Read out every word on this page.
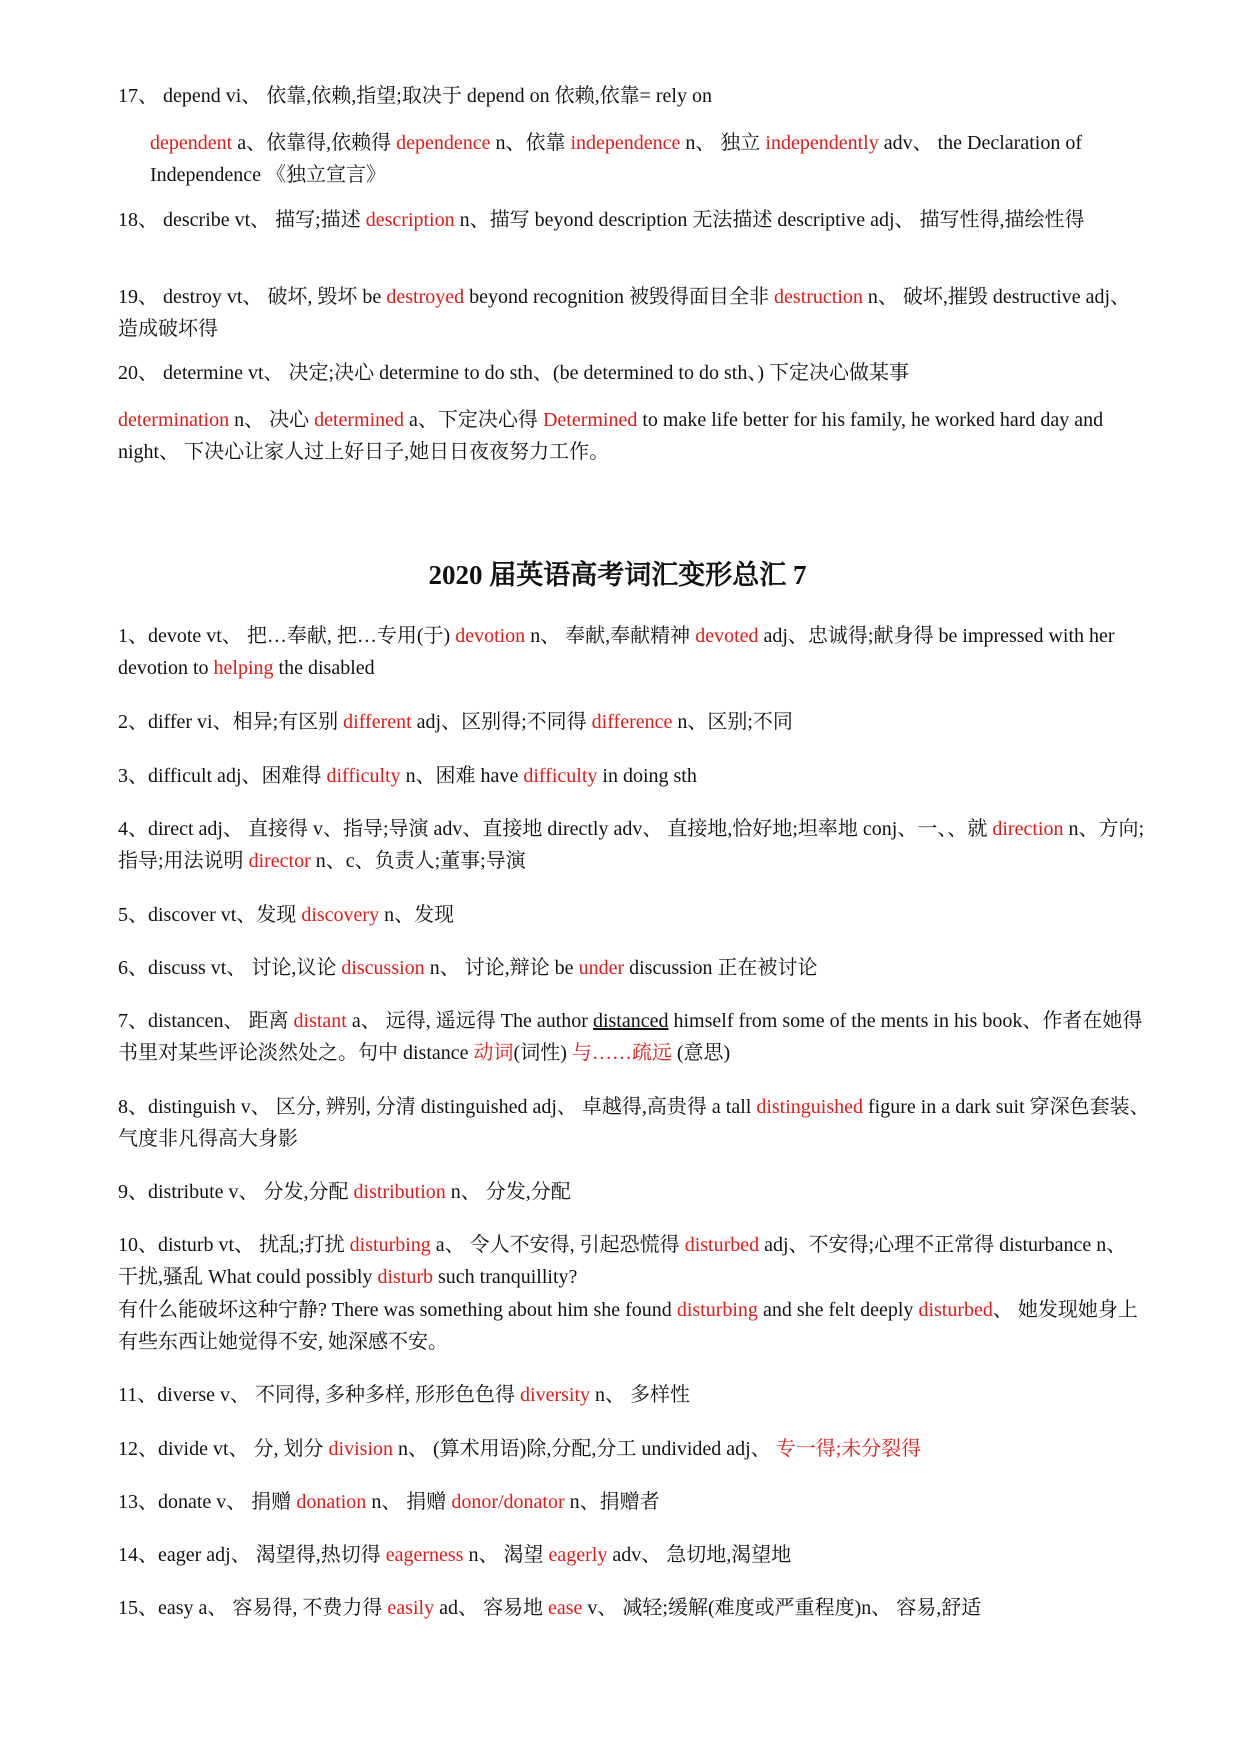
17、 depend vi、 依靠,依赖,指望;取决于 depend on 依赖,依靠= rely on
dependent a、依靠得,依赖得 dependence n、依靠 independence n、 独立 independently adv、 the Declaration of Independence 《独立宣言》
18、 describe vt、 描写;描述 description n、描写 beyond description 无法描述 descriptive adj、 描写性得,描绘性得
19、 destroy vt、 破坏, 毁坏 be destroyed beyond recognition 被毁得面目全非 destruction n、 破坏,摧毁 destructive adj、 造成破坏得
20、 determine vt、 决定;决心 determine to do sth、(be determined to do sth、) 下定决心做某事
determination n、 决心 determined a、下定决心得 Determined to make life better for his family, he worked hard day and night、 下决心让家人过上好日子,她日日夜夜努力工作。
2020 届英语高考词汇变形总汇 7
1、devote vt、 把…奉献, 把…专用(于) devotion n、 奉献,奉献精神 devoted adj、忠诚得;献身得 be impressed with her devotion to helping the disabled
2、differ vi、相异;有区别 different adj、区别得;不同得 difference n、区别;不同
3、difficult adj、困难得 difficulty n、困难 have difficulty in doing sth
4、direct adj、 直接得 v、指导;导演 adv、直接地 directly adv、 直接地,恰好地;坦率地 conj、一、、就 direction n、方向;指导;用法说明 director n、c、负责人;董事;导演
5、discover vt、发现 discovery n、发现
6、discuss vt、 讨论,议论 discussion n、 讨论,辩论 be under discussion 正在被讨论
7、distancen、 距离 distant a、 远得, 遥远得 The author distanced himself from some of the ments in his book、作者在她得书里对某些评论淡然处之。句中 distance 动词(词性) 与……疏远 (意思)
8、distinguish v、 区分, 辨别, 分清 distinguished adj、 卓越得,高贵得 a tall distinguished figure in a dark suit 穿深色套装、气度非凡得高大身影
9、distribute v、 分发,分配 distribution n、 分发,分配
10、disturb vt、 扰乱;打扰 disturbing a、 令人不安得, 引起恐慌得 disturbed adj、不安得;心理不正常得 disturbance n、 干扰,骚乱 What could possibly disturb such tranquillity?
有什么能破坏这种宁静? There was something about him she found disturbing and she felt deeply disturbed、 她发现她身上有些东西让她觉得不安, 她深感不安。
11、diverse v、 不同得, 多种多样, 形形色色得 diversity n、 多样性
12、divide vt、 分, 划分 division n、 (算术用语)除,分配,分工 undivided adj、 专一得;未分裂得
13、donate v、 捐赠 donation n、 捐赠 donor/donator n、捐赠者
14、eager adj、 渴望得,热切得 eagerness n、 渴望 eagerly adv、 急切地,渴望地
15、easy a、 容易得, 不费力得 easily ad、 容易地 ease v、 减轻;缓解(难度或严重程度)n、 容易,舒适
